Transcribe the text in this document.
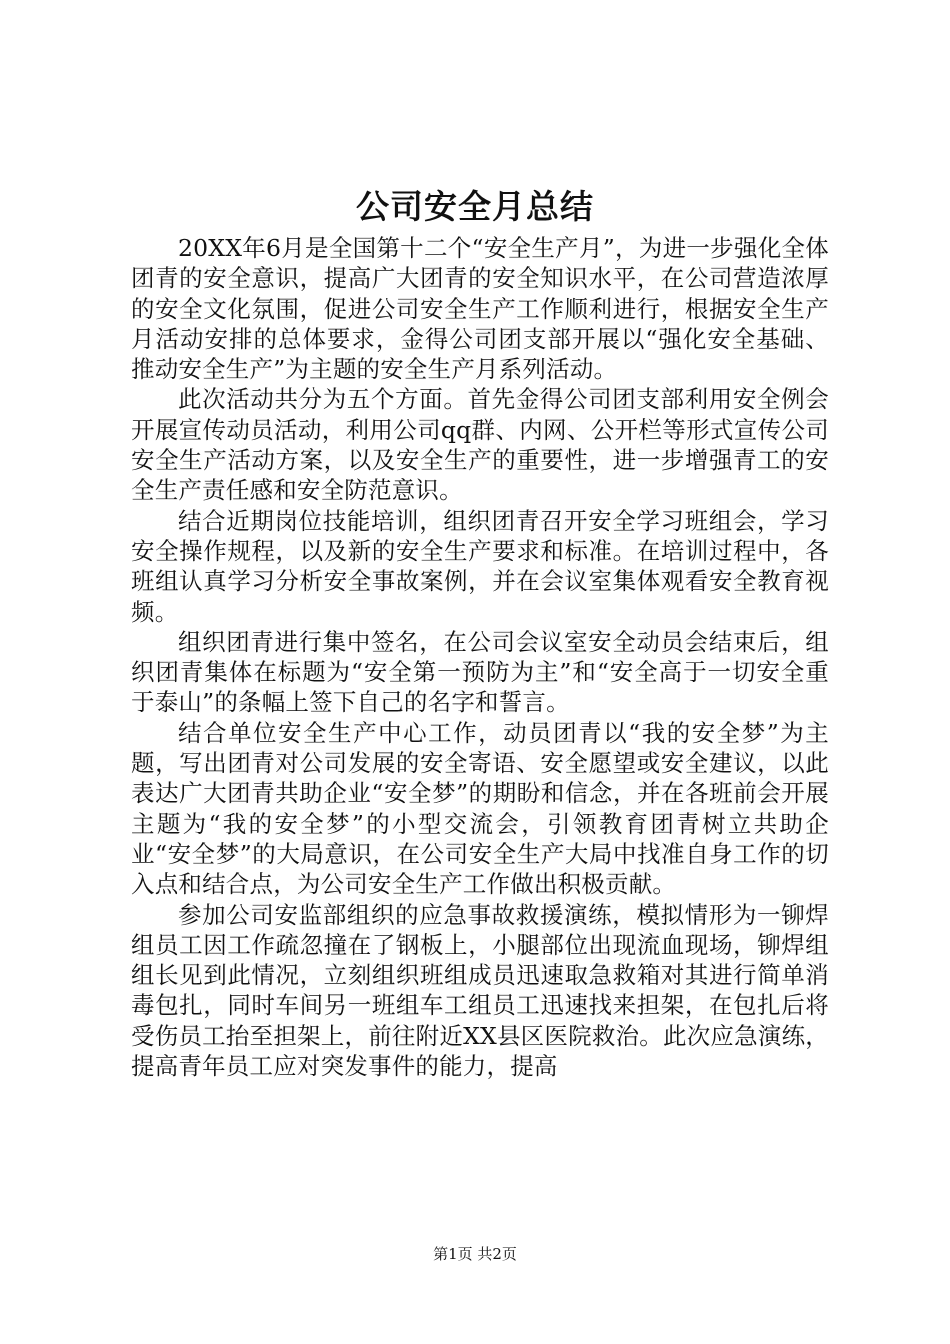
公司安全月总结

20XX年6月是全国第十二个“安全生产月”，为进一步强化全体团青的安全意识，提高广大团青的安全知识水平，在公司营造浓厚的安全文化氛围，促进公司安全生产工作顺利进行，根据安全生产月活动安排的总体要求，金得公司团支部开展以“强化安全基础、推动安全生产”为主题的安全生产月系列活动。

此次活动共分为五个方面。首先金得公司团支部利用安全例会开展宣传动员活动，利用公司qq群、内网、公开栏等形式宣传公司安全生产活动方案，以及安全生产的重要性，进一步增强青工的安全生产责任感和安全防范意识。

结合近期岗位技能培训，组织团青召开安全学习班组会，学习安全操作规程，以及新的安全生产要求和标准。在培训过程中，各班组认真学习分析安全事故案例，并在会议室集体观看安全教育视频。

组织团青进行集中签名，在公司会议室安全动员会结束后，组织团青集体在标题为“安全第一预防为主”和“安全高于一切安全重于泰山”的条幅上签下自己的名字和誓言。

结合单位安全生产中心工作，动员团青以“我的安全梦”为主题，写出团青对公司发展的安全寄语、安全愿望或安全建议，以此表达广大团青共助企业“安全梦”的期盼和信念，并在各班前会开展主题为“我的安全梦”的小型交流会，引领教育团青树立共助企业“安全梦”的大局意识，在公司安全生产大局中找准自身工作的切入点和结合点，为公司安全生产工作做出积极贡献。

参加公司安监部组织的应急事故救援演练，模拟情形为一铆焊组员工因工作疏忽撞在了钢板上，小腿部位出现流血现场，铆焊组组长见到此情况，立刻组织班组成员迅速取急救箱对其进行简单消毒包扎，同时车间另一班组车工组员工迅速找来担架，在包扎后将受伤员工抬至担架上，前往附近XX县区医院救治。此次应急演练，提高青年员工应对突发事件的能力，提高

第1页 共2页
